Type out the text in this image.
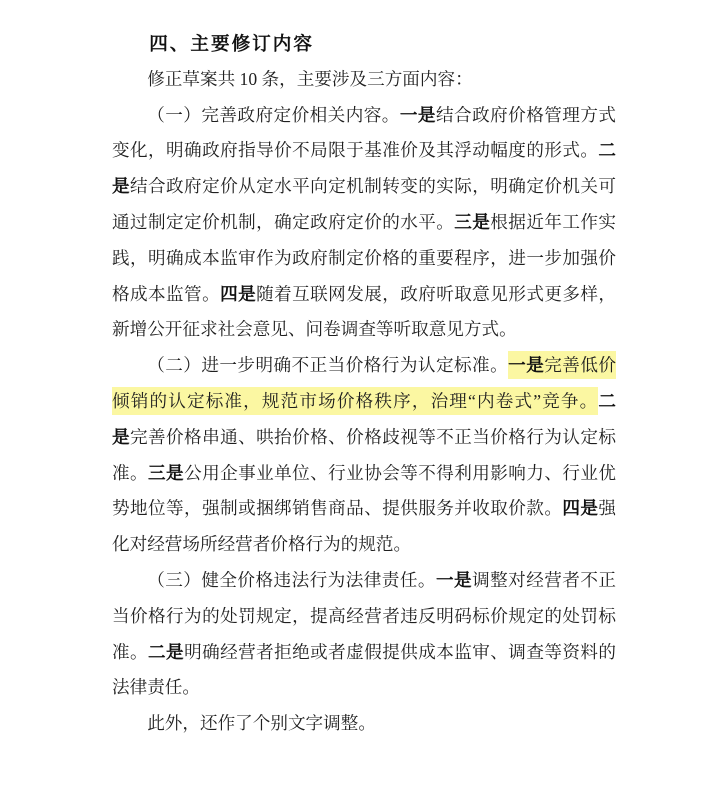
四、主要修订内容
修正草案共 10 条，主要涉及三方面内容：
（一）完善政府定价相关内容。一是结合政府价格管理方式
变化，明确政府指导价不局限于基准价及其浮动幅度的形式。二
是结合政府定价从定水平向定机制转变的实际，明确定价机关可
通过制定定价机制，确定政府定价的水平。三是根据近年工作实
践，明确成本监审作为政府制定价格的重要程序，进一步加强价
格成本监管。四是随着互联网发展，政府听取意见形式更多样，
新增公开征求社会意见、问卷调查等听取意见方式。
（二）进一步明确不正当价格行为认定标准。一是完善低价
倾销的认定标准，规范市场价格秩序，治理“内卷式”竞争。二
是完善价格串通、哄抬价格、价格歧视等不正当价格行为认定标
准。三是公用企事业单位、行业协会等不得利用影响力、行业优
势地位等，强制或捆绑销售商品、提供服务并收取价款。四是强
化对经营场所经营者价格行为的规范。
（三）健全价格违法行为法律责任。一是调整对经营者不正
当价格行为的处罚规定，提高经营者违反明码标价规定的处罚标
准。二是明确经营者拒绝或者虚假提供成本监审、调查等资料的
法律责任。
此外，还作了个别文字调整。
